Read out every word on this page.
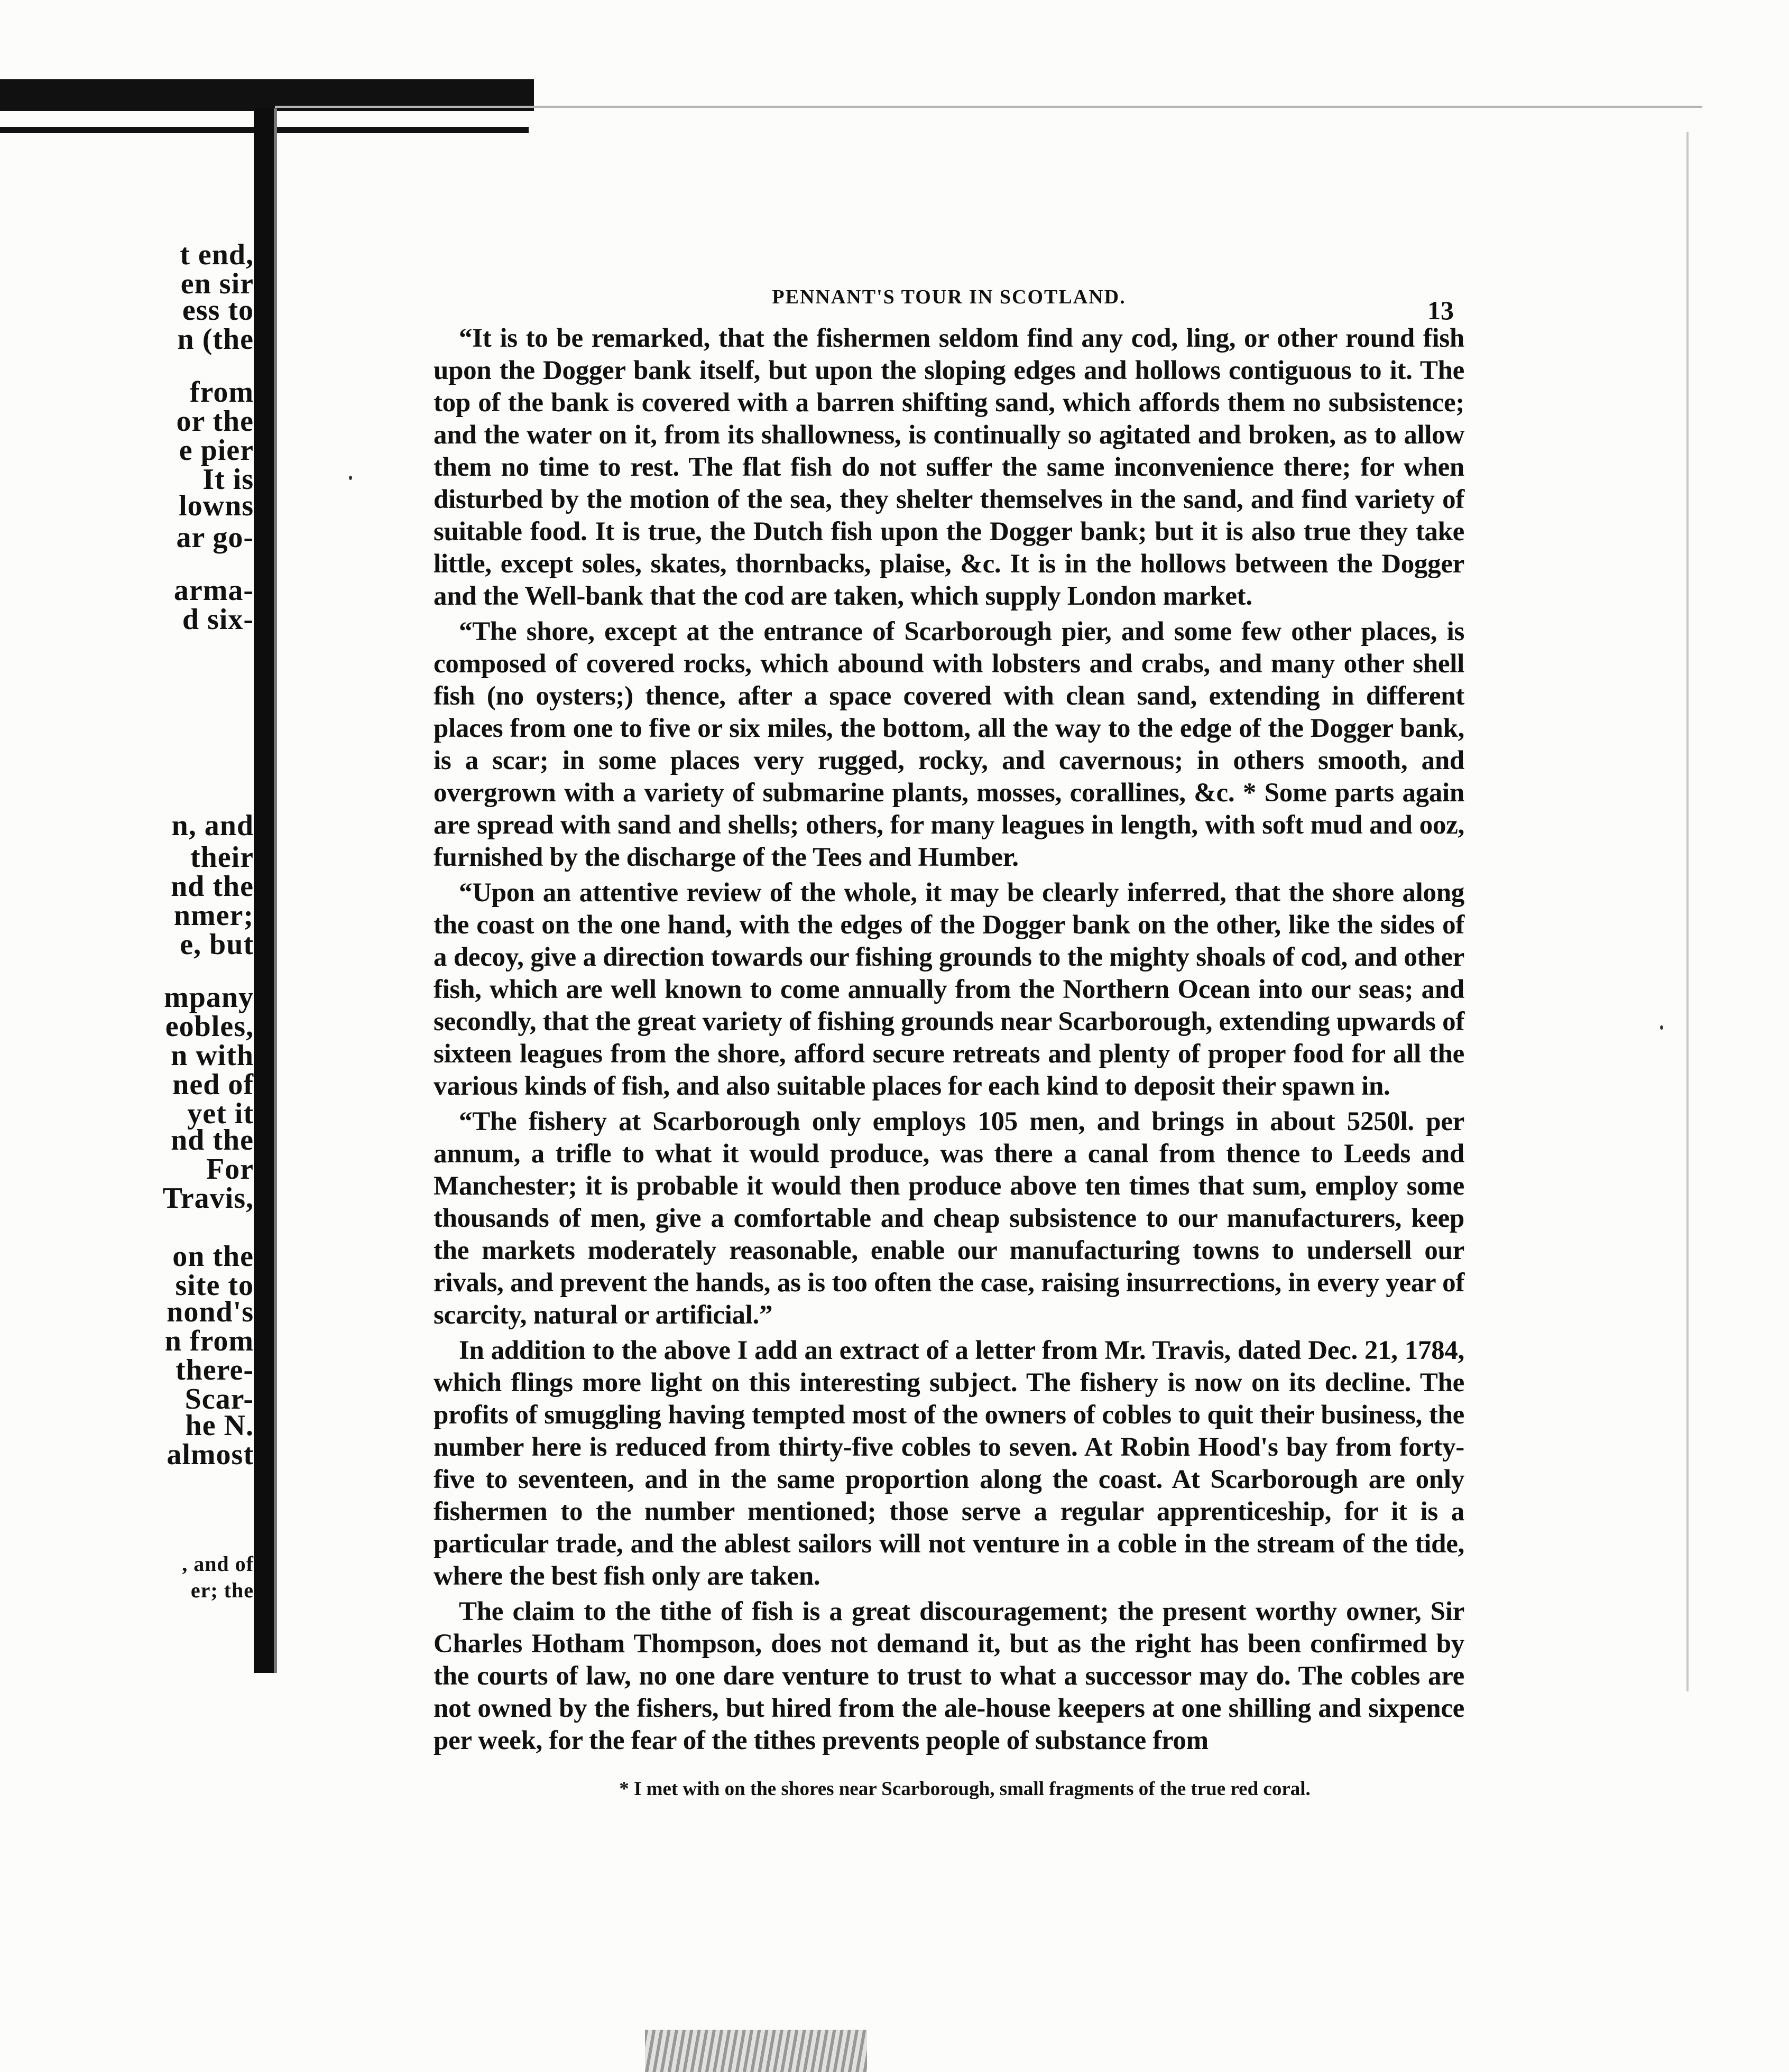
t end,
en sir
ess to
n (the
from
or the
e pier
It is
lowns
ar go-
arma-
d six-
n, and
their
nd the
nmer;
e, but
mpany
eobles,
n with
ned of
yet it
nd the
For
Travis,
on the
site to
nond's
n from
there-
Scar-
he N.
almost
, and of
er; the
PENNANT'S TOUR IN SCOTLAND.	13

“It is to be remarked, that the fishermen seldom find any cod, ling, or other round fish upon the Dogger bank itself, but upon the sloping edges and hollows contiguous to it. The top of the bank is covered with a barren shifting sand, which affords them no subsistence; and the water on it, from its shallowness, is continually so agitated and broken, as to allow them no time to rest. The flat fish do not suffer the same inconvenience there; for when disturbed by the motion of the sea, they shelter themselves in the sand, and find variety of suitable food. It is true, the Dutch fish upon the Dogger bank; but it is also true they take little, except soles, skates, thornbacks, plaise, &c. It is in the hollows between the Dogger and the Well-bank that the cod are taken, which supply London market.

“The shore, except at the entrance of Scarborough pier, and some few other places, is composed of covered rocks, which abound with lobsters and crabs, and many other shell fish (no oysters;) thence, after a space covered with clean sand, extending in different places from one to five or six miles, the bottom, all the way to the edge of the Dogger bank, is a scar; in some places very rugged, rocky, and cavernous; in others smooth, and overgrown with a variety of submarine plants, mosses, corallines, &c. * Some parts again are spread with sand and shells; others, for many leagues in length, with soft mud and ooz, furnished by the discharge of the Tees and Humber.

“Upon an attentive review of the whole, it may be clearly inferred, that the shore along the coast on the one hand, with the edges of the Dogger bank on the other, like the sides of a decoy, give a direction towards our fishing grounds to the mighty shoals of cod, and other fish, which are well known to come annually from the Northern Ocean into our seas; and secondly, that the great variety of fishing grounds near Scarborough, extending upwards of sixteen leagues from the shore, afford secure retreats and plenty of proper food for all the various kinds of fish, and also suitable places for each kind to deposit their spawn in.

“The fishery at Scarborough only employs 105 men, and brings in about 5250l. per annum, a trifle to what it would produce, was there a canal from thence to Leeds and Manchester; it is probable it would then produce above ten times that sum, employ some thousands of men, give a comfortable and cheap subsistence to our manufacturers, keep the markets moderately reasonable, enable our manufacturing towns to undersell our rivals, and prevent the hands, as is too often the case, raising insurrections, in every year of scarcity, natural or artificial.”

In addition to the above I add an extract of a letter from Mr. Travis, dated Dec. 21, 1784, which flings more light on this interesting subject. The fishery is now on its decline. The profits of smuggling having tempted most of the owners of cobles to quit their business, the number here is reduced from thirty-five cobles to seven. At Robin Hood's bay from forty-five to seventeen, and in the same proportion along the coast. At Scarborough are only fishermen to the number mentioned; those serve a regular apprenticeship, for it is a particular trade, and the ablest sailors will not venture in a coble in the stream of the tide, where the best fish only are taken.

The claim to the tithe of fish is a great discouragement; the present worthy owner, Sir Charles Hotham Thompson, does not demand it, but as the right has been confirmed by the courts of law, no one dare venture to trust to what a successor may do. The cobles are not owned by the fishers, but hired from the ale-house keepers at one shilling and sixpence per week, for the fear of the tithes prevents people of substance from

* I met with on the shores near Scarborough, small fragments of the true red coral.
